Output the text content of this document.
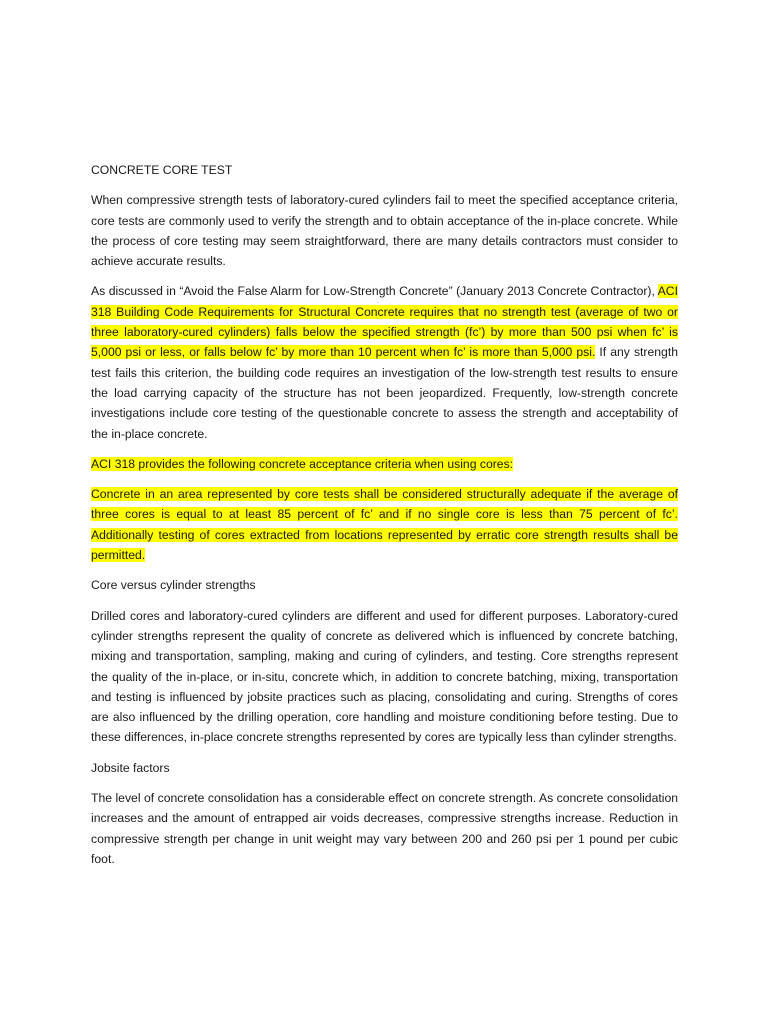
CONCRETE CORE TEST

When compressive strength tests of laboratory-cured cylinders fail to meet the specified acceptance criteria, core tests are commonly used to verify the strength and to obtain acceptance of the in-place concrete. While the process of core testing may seem straightforward, there are many details contractors must consider to achieve accurate results.

As discussed in “Avoid the False Alarm for Low-Strength Concrete” (January 2013 Concrete Contractor), ACI 318 Building Code Requirements for Structural Concrete requires that no strength test (average of two or three laboratory-cured cylinders) falls below the specified strength (fc’) by more than 500 psi when fc’ is 5,000 psi or less, or falls below fc’ by more than 10 percent when fc’ is more than 5,000 psi. If any strength test fails this criterion, the building code requires an investigation of the low-strength test results to ensure the load carrying capacity of the structure has not been jeopardized. Frequently, low-strength concrete investigations include core testing of the questionable concrete to assess the strength and acceptability of the in-place concrete.

ACI 318 provides the following concrete acceptance criteria when using cores:

Concrete in an area represented by core tests shall be considered structurally adequate if the average of three cores is equal to at least 85 percent of fc’ and if no single core is less than 75 percent of fc’. Additionally testing of cores extracted from locations represented by erratic core strength results shall be permitted.

Core versus cylinder strengths

Drilled cores and laboratory-cured cylinders are different and used for different purposes. Laboratory-cured cylinder strengths represent the quality of concrete as delivered which is influenced by concrete batching, mixing and transportation, sampling, making and curing of cylinders, and testing. Core strengths represent the quality of the in-place, or in-situ, concrete which, in addition to concrete batching, mixing, transportation and testing is influenced by jobsite practices such as placing, consolidating and curing. Strengths of cores are also influenced by the drilling operation, core handling and moisture conditioning before testing. Due to these differences, in-place concrete strengths represented by cores are typically less than cylinder strengths.

Jobsite factors

The level of concrete consolidation has a considerable effect on concrete strength. As concrete consolidation increases and the amount of entrapped air voids decreases, compressive strengths increase. Reduction in compressive strength per change in unit weight may vary between 200 and 260 psi per 1 pound per cubic foot.
